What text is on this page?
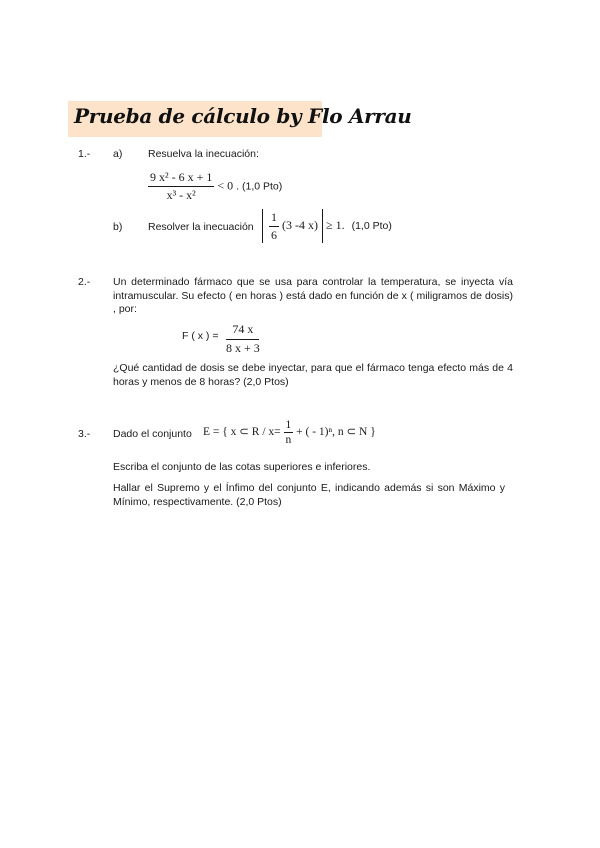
Prueba de cálculo by Flo Arrau
1.- a) Resuelva la inecuación:
$\frac{\text{9 x² - 6 x + 1}}{\text{x³ - x²}} < 0$ . (1,0 Pto)
b) Resolver la inecuación
$\frac{1}{6} (3$ -4 x) ≥ 1. (1,0 Pto)
2.- Un determinado fármaco que se usa para controlar la temperatura, se inyecta vía intramuscular. Su efecto ( en horas ) está dado en función de x ( miligramos de dosis) , por:
F ( x ) = $\frac{74 x}{8 x + 3}$
¿Qué cantidad de dosis se debe inyectar, para que el fármaco tenga efecto más de 4 horas y menos de 8 horas? (2,0 Ptos)
3.- Dado el conjunto E = { x ⊂ $R / x= \frac{1}{n}$ + ( - 1)ⁿ, n ⊂ N }
Escriba el conjunto de las cotas superiores e inferiores.
Hallar el Supremo y el Ínfimo del conjunto E, indicando además si son Máximo y Mínimo, respectivamente. (2,0 Ptos)
